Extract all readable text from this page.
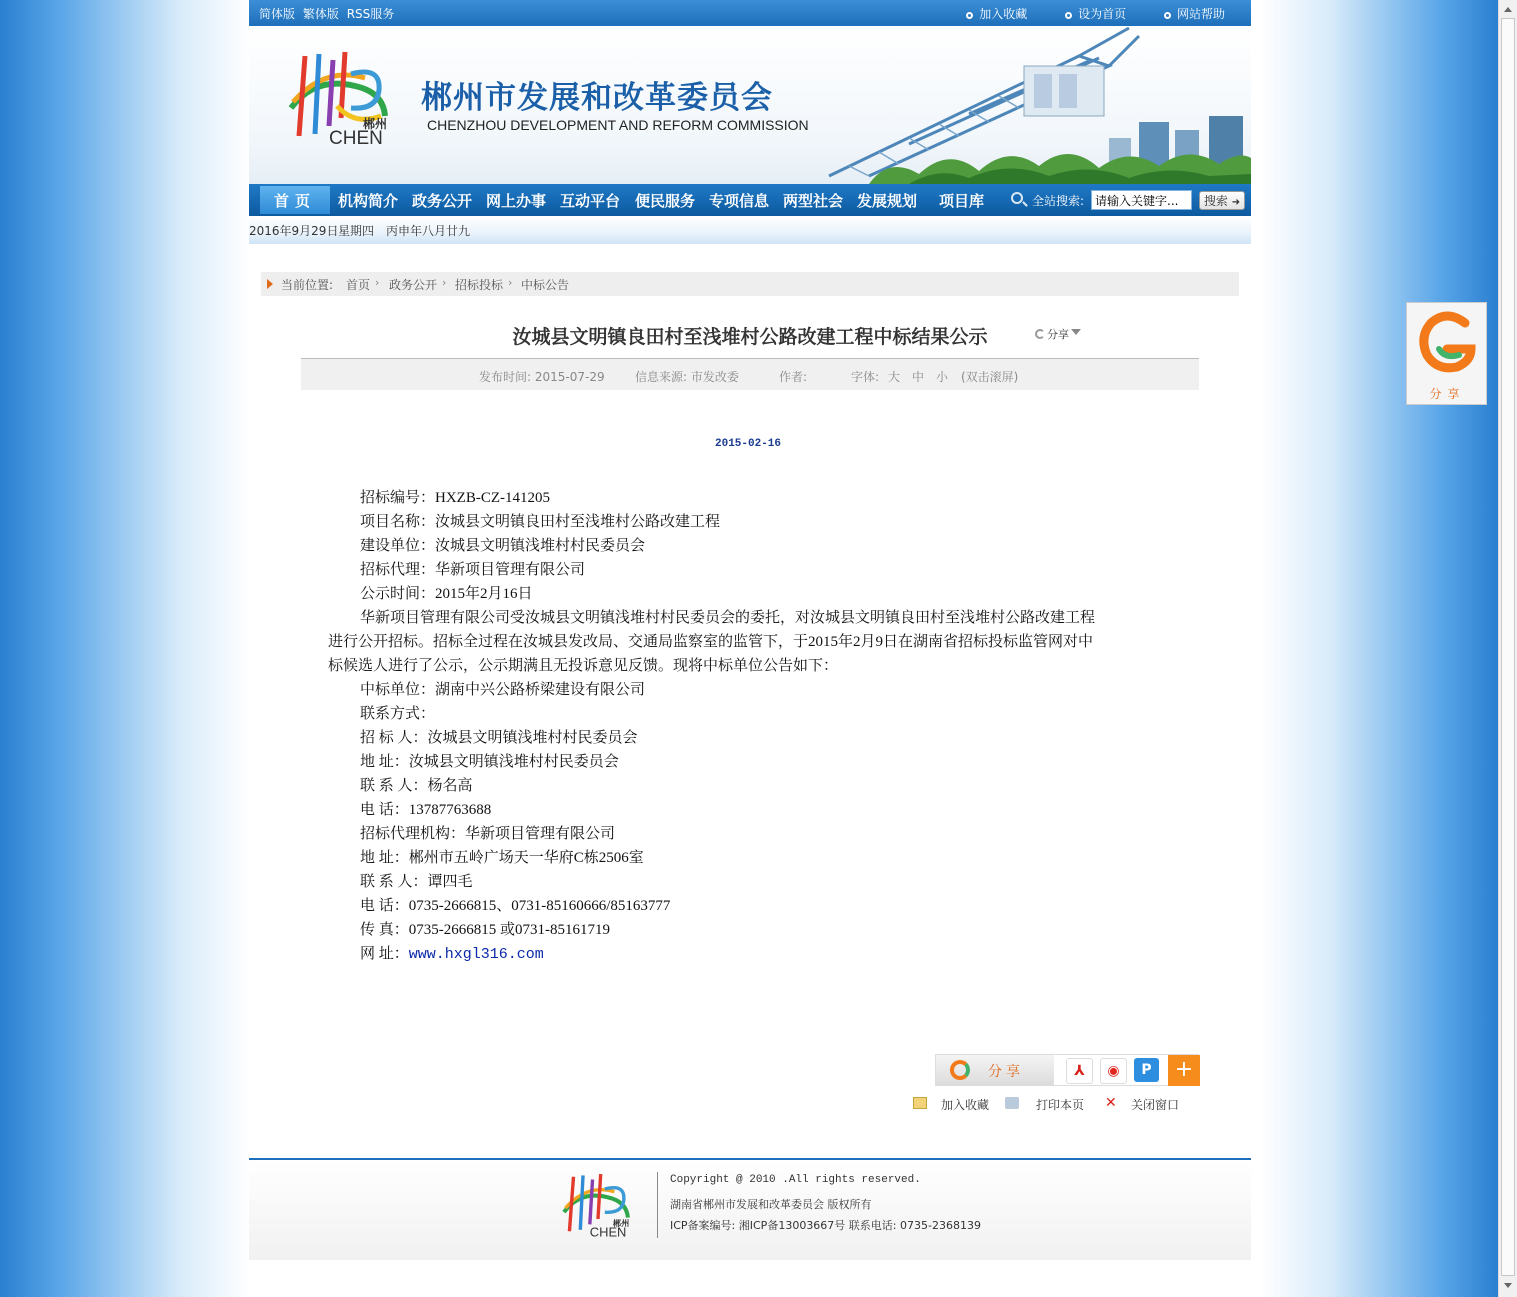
简体版 繁体版 RSS服务	加入收藏	设为首页	网站帮助
郴州
CHEN
郴州市发展和改革委员会
CHENZHOU DEVELOPMENT AND REFORM COMMISSION
首页	机构简介 政务公开 网上办事 互动平台 便民服务 专项信息 两型社会 发展规划 项目库	全站搜索:
请输入关键字...	搜索 ➜
2016年9月29日 星期四 丙申年八月廿九
当前位置: 首页 › 政务公开 › 招标投标 › 中标公告
汝城县文明镇良田村至浅堆村公路改建工程中标结果公示	分享
发布时间: 2015-07-29	信息来源: 市发改委	作者:	字体: 大 中 小 (双击滚屏)
2015-02-16
招标编号：HXZB-CZ-141205
项目名称：汝城县文明镇良田村至浅堆村公路改建工程
建设单位：汝城县文明镇浅堆村村民委员会
招标代理：华新项目管理有限公司
公示时间：2015年2月16日
华新项目管理有限公司受汝城县文明镇浅堆村村民委员会的委托，对汝城县文明镇良田村至浅堆村公路改建工程进行公开招标。招标全过程在汝城县发改局、交通局监察室的监管下，于2015年2月9日在湖南省招标投标监管网对中标候选人进行了公示，公示期满且无投诉意见反馈。现将中标单位公告如下：
中标单位：湖南中兴公路桥梁建设有限公司
联系方式：
招 标 人：汝城县文明镇浅堆村村民委员会
地 址：汝城县文明镇浅堆村村民委员会
联 系 人：杨名高
电 话：13787763688
招标代理机构：华新项目管理有限公司
地 址：郴州市五岭广场天一华府C栋2506室
联 系 人：谭四毛
电 话：0735-2666815、0731-85160666/85163777
传 真：0735-2666815 或0731-85161719
网 址：www.hxgl316.com
分享	⅄	◉	P	+
加入收藏	打印本页 ✕ 关闭窗口
郴州
CHEN
Copyright @ 2010 .All rights reserved.
湖南省郴州市发展和改革委员会 版权所有
ICP备案编号: 湘ICP备13003667号 联系电话: 0735-2368139
分享
